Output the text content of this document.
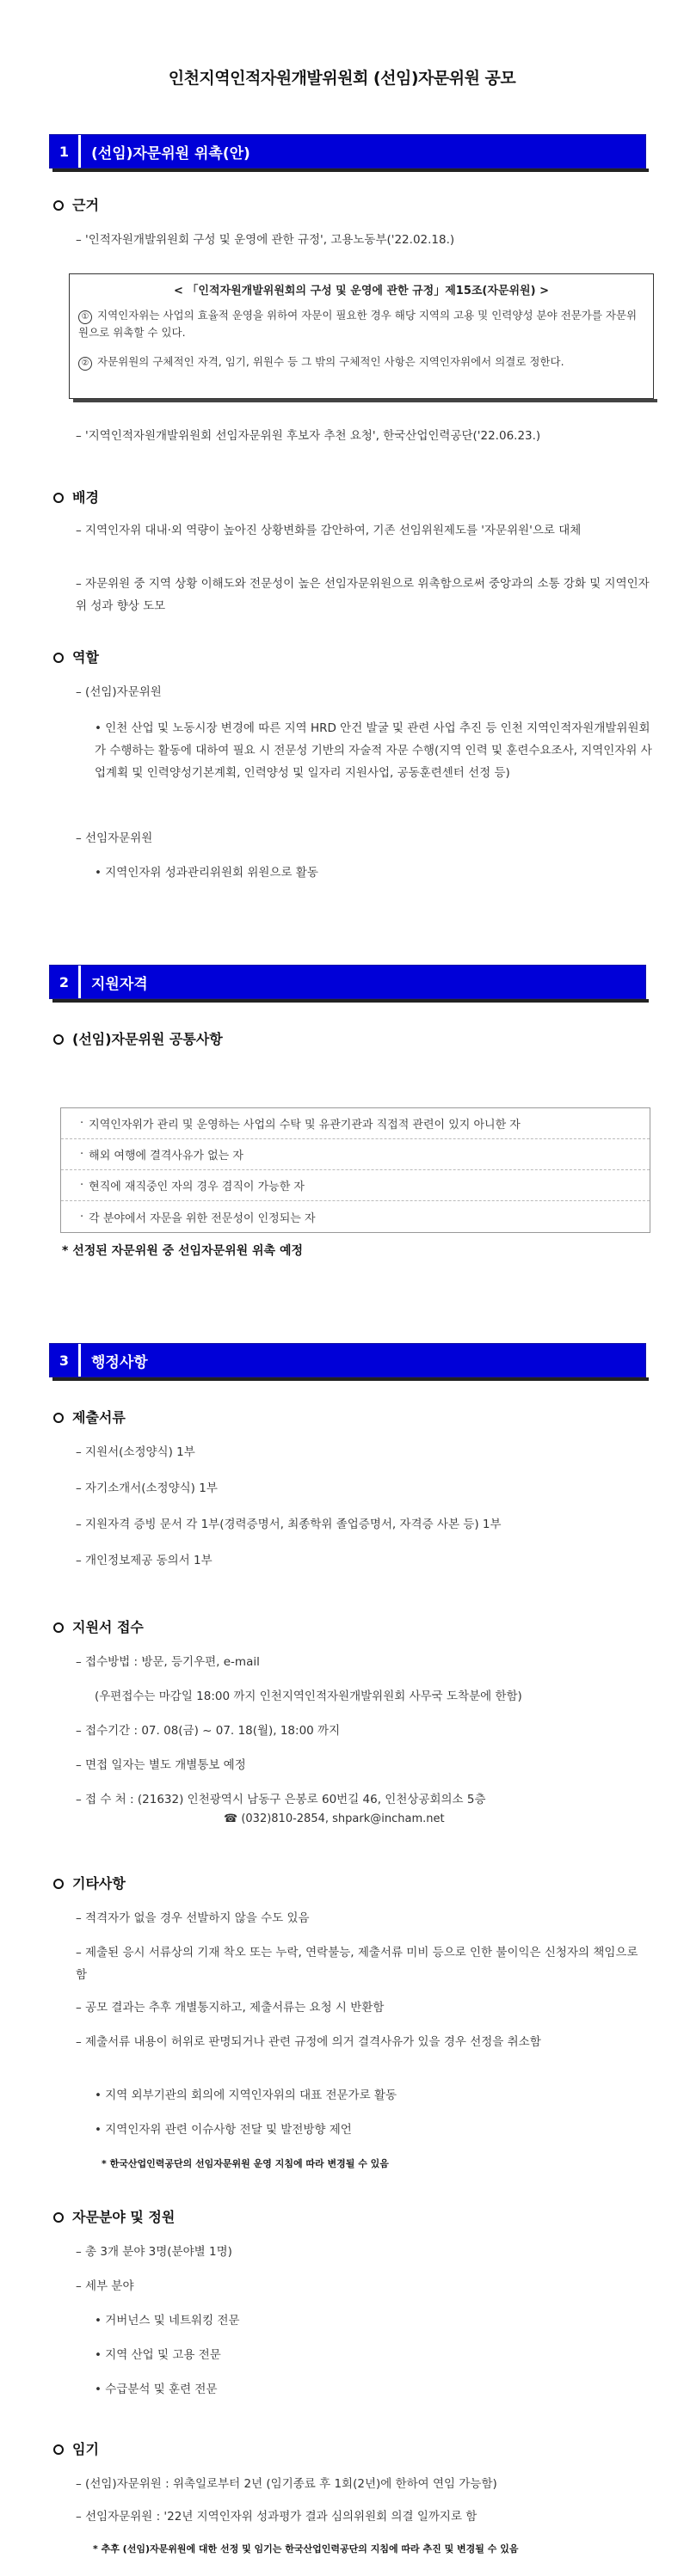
인천지역인적자원개발위원회 (선임)자문위원 공모
1	(선임)자문위원 위촉(안)
근거
– '인적자원개발위원회 구성 및 운영에 관한 규정', 고용노동부('22.02.18.)
< 「인적자원개발위원회의 구성 및 운영에 관한 규정」제15조(자문위원) >
① 지역인자위는 사업의 효율적 운영을 위하여 자문이 필요한 경우 해당 지역의 고용 및 인력양성 분야 전문가를 자문위원으로 위촉할 수 있다.
② 자문위원의 구체적인 자격, 임기, 위원수 등 그 밖의 구체적인 사항은 지역인자위에서 의결로 정한다.
– '지역인적자원개발위원회 선임자문위원 후보자 추천 요청', 한국산업인력공단('22.06.23.)
배경
– 지역인자위 대내·외 역량이 높아진 상황변화를 감안하여, 기존 선임위원제도를 '자문위원'으로 대체
– 자문위원 중 지역 상황 이해도와 전문성이 높은 선임자문위원으로 위촉함으로써 중앙과의 소통 강화 및 지역인자위 성과 향상 도모
역할
– (선임)자문위원
• 인천 산업 및 노동시장 변경에 따른 지역 HRD 안건 발굴 및 관련 사업 추진 등 인천 지역인적자원개발위원회가 수행하는 활동에 대하여 필요 시 전문성 기반의 자술적 자문 수행(지역 인력 및 훈련수요조사, 지역인자위 사업계획 및 인력양성기본계획, 인력양성 및 일자리 지원사업, 공동훈련센터 선정 등)
– 선임자문위원
• 지역인자위 성과관리위원회 위원으로 활동
2	지원자격
(선임)자문위원 공통사항
· 지역인자위가 관리 및 운영하는 사업의 수탁 및 유관기관과 직접적 관련이 있지 아니한 자
· 해외 여행에 결격사유가 없는 자
· 현직에 재직중인 자의 경우 겸직이 가능한 자
· 각 분야에서 자문을 위한 전문성이 인정되는 자
* 선정된 자문위원 중 선임자문위원 위촉 예정
3	행정사항
제출서류
– 지원서(소정양식) 1부
– 자기소개서(소정양식) 1부
– 지원자격 증빙 문서 각 1부(경력증명서, 최종학위 졸업증명서, 자격증 사본 등) 1부
– 개인정보제공 동의서 1부
지원서 접수
– 접수방법 : 방문, 등기우편, e-mail
(우편접수는 마감일 18:00 까지 인천지역인적자원개발위원회 사무국 도착분에 한함)
– 접수기간 : 07. 08(금) ~ 07. 18(월), 18:00 까지
– 면접 일자는 별도 개별통보 예정
– 접 수 처 : (21632) 인천광역시 남동구 은봉로 60번길 46, 인천상공회의소 5층
☎ (032)810-2854, shpark@incham.net
기타사항
– 적격자가 없을 경우 선발하지 않을 수도 있음
– 제출된 응시 서류상의 기재 착오 또는 누락, 연락불능, 제출서류 미비 등으로 인한 불이익은 신청자의 책임으로 함
– 공모 결과는 추후 개별통지하고, 제출서류는 요청 시 반환함
– 제출서류 내용이 허위로 판명되거나 관련 규정에 의거 결격사유가 있을 경우 선정을 취소함
• 지역 외부기관의 회의에 지역인자위의 대표 전문가로 활동
• 지역인자위 관련 이슈사항 전달 및 발전방향 제언
* 한국산업인력공단의 선임자문위원 운영 지침에 따라 변경될 수 있음
자문분야 및 정원
– 총 3개 분야 3명(분야별 1명)
– 세부 분야
• 거버넌스 및 네트워킹 전문
• 지역 산업 및 고용 전문
• 수급분석 및 훈련 전문
임기
– (선임)자문위원 : 위촉일로부터 2년 (임기종료 후 1회(2년)에 한하여 연임 가능함)
– 선임자문위원 : '22년 지역인자위 성과평가 결과 심의위원회 의결 일까지로 함
* 추후 (선임)자문위원에 대한 선정 및 임기는 한국산업인력공단의 지침에 따라 추진 및 변경될 수 있음
